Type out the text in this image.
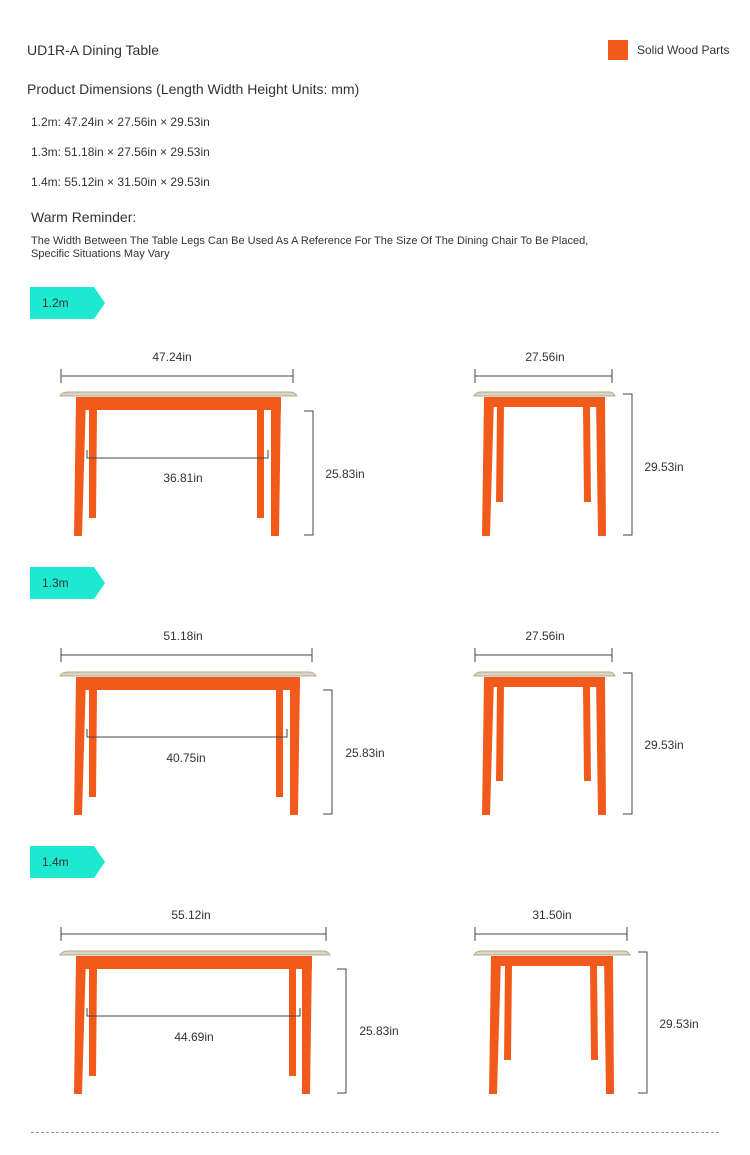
UD1R-A Dining Table	Solid Wood Parts
Product Dimensions (Length Width Height Units: mm)
1.2m: 47.24in × 27.56in × 29.53in
1.3m: 51.18in × 27.56in × 29.53in
1.4m: 55.12in × 31.50in × 29.53in
Warm Reminder:
The Width Between The Table Legs Can Be Used As A Reference For The Size Of The Dining Chair To Be Placed,
Specific Situations May Vary
1.2m
1.3m
1.4m
47.24in
36.81in	25.83in
27.56in
29.53in
51.18in
40.75in	25.83in
27.56in
29.53in
55.12in
44.69in	25.83in
31.50in
29.53in
